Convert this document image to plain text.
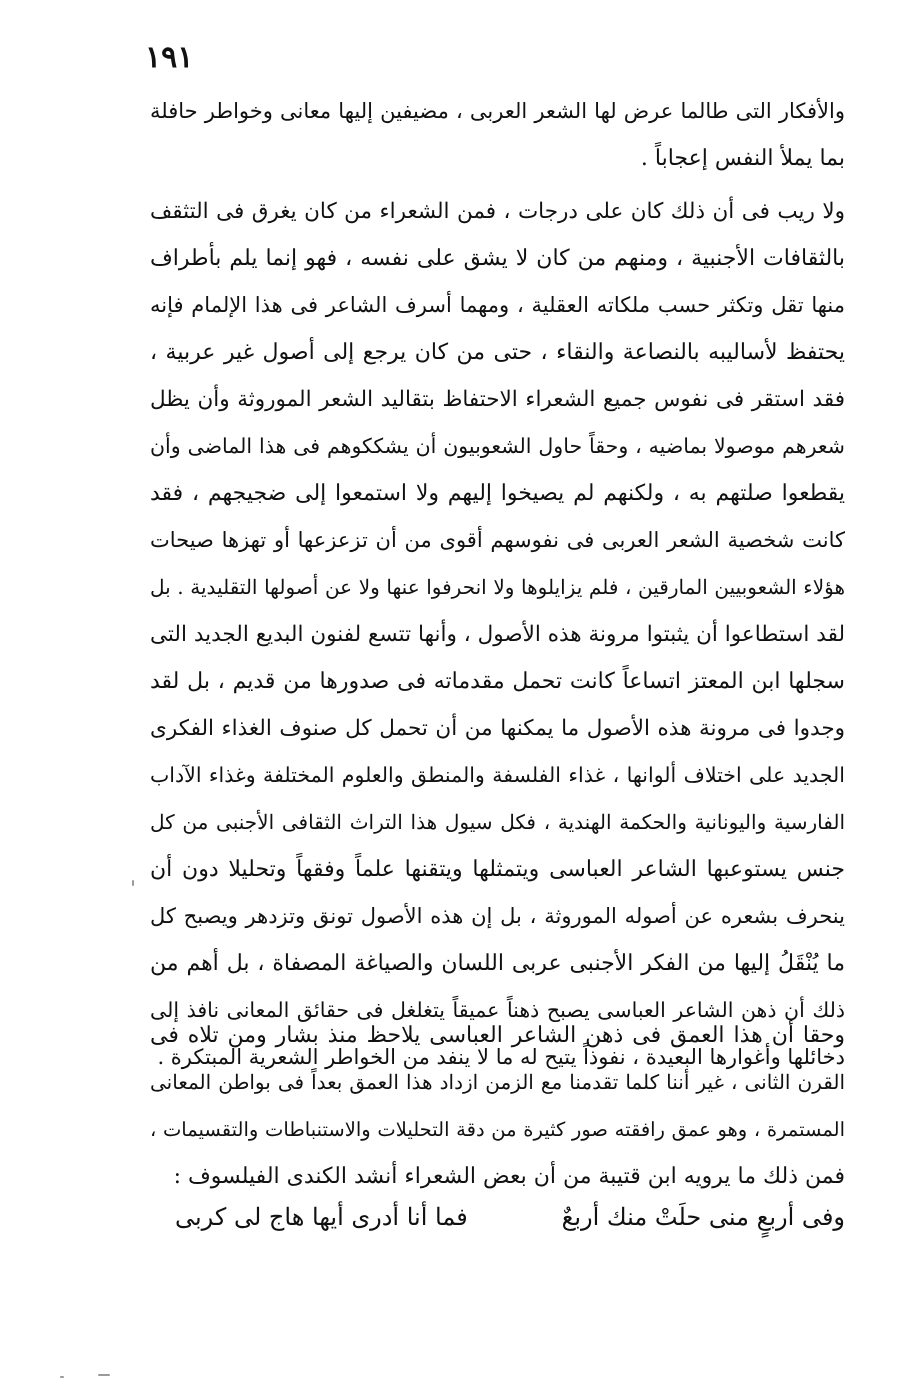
١٩١
والأفكار التى طالما عرض لها الشعر العربى ، مضيفين إليها معانى وخواطر حافلة
بما يملأ النفس إعجاباً .
ولا ريب فى أن ذلك كان على درجات ، فمن الشعراء من كان يغرق فى التثقف
بالثقافات الأجنبية ، ومنهم من كان لا يشق على نفسه ، فهو إنما يلم بأطراف
منها تقل وتكثر حسب ملكاته العقلية ، ومهما أسرف الشاعر فى هذا الإلمام فإنه
يحتفظ لأساليبه بالنصاعة والنقاء ، حتى من كان يرجع إلى أصول غير عربية ،
فقد استقر فى نفوس جميع الشعراء الاحتفاظ بتقاليد الشعر الموروثة وأن يظل
شعرهم موصولا بماضيه ، وحقاً حاول الشعوبيون أن يشككوهم فى هذا الماضى وأن
يقطعوا صلتهم به ، ولكنهم لم يصيخوا إليهم ولا استمعوا إلى ضجيجهم ، فقد
كانت شخصية الشعر العربى فى نفوسهم أقوى من أن تزعزعها أو تهزها صيحات
هؤلاء الشعوبيين المارقين ، فلم يزايلوها ولا انحرفوا عنها ولا عن أصولها التقليدية . بل
لقد استطاعوا أن يثبتوا مرونة هذه الأصول ، وأنها تتسع لفنون البديع الجديد التى
سجلها ابن المعتز اتساعاً كانت تحمل مقدماته فى صدورها من قديم ، بل لقد
وجدوا فى مرونة هذه الأصول ما يمكنها من أن تحمل كل صنوف الغذاء الفكرى
الجديد على اختلاف ألوانها ، غذاء الفلسفة والمنطق والعلوم المختلفة وغذاء الآداب
الفارسية واليونانية والحكمة الهندية ، فكل سيول هذا التراث الثقافى الأجنبى من كل
جنس يستوعبها الشاعر العباسى ويتمثلها ويتقنها علماً وفقهاً وتحليلا دون أن
ينحرف بشعره عن أصوله الموروثة ، بل إن هذه الأصول تونق وتزدهر ويصبح كل
ما يُنْقَلُ إليها من الفكر الأجنبى عربى اللسان والصياغة المصفاة ، بل أهم من
ذلك أن ذهن الشاعر العباسى يصبح ذهناً عميقاً يتغلغل فى حقائق المعانى نافذ إلى
دخائلها وأغوارها البعيدة ، نفوذاً يتيح له ما لا ينفد من الخواطر الشعرية المبتكرة .
وحقا أن هذا العمق فى ذهن الشاعر العباسى يلاحظ منذ بشار ومن تلاه فى
القرن الثانى ، غير أننا كلما تقدمنا مع الزمن ازداد هذا العمق بعداً فى بواطن المعانى
المستمرة ، وهو عمق رافقته صور كثيرة من دقة التحليلات والاستنباطات والتقسيمات ،
فمن ذلك ما يرويه ابن قتيبة من أن بعض الشعراء أنشد الكندى الفيلسوف :
وفى أربعٍ منى حلَتْ منك أربعٌ
فما أنا أدرى أيها هاج لى كربى
